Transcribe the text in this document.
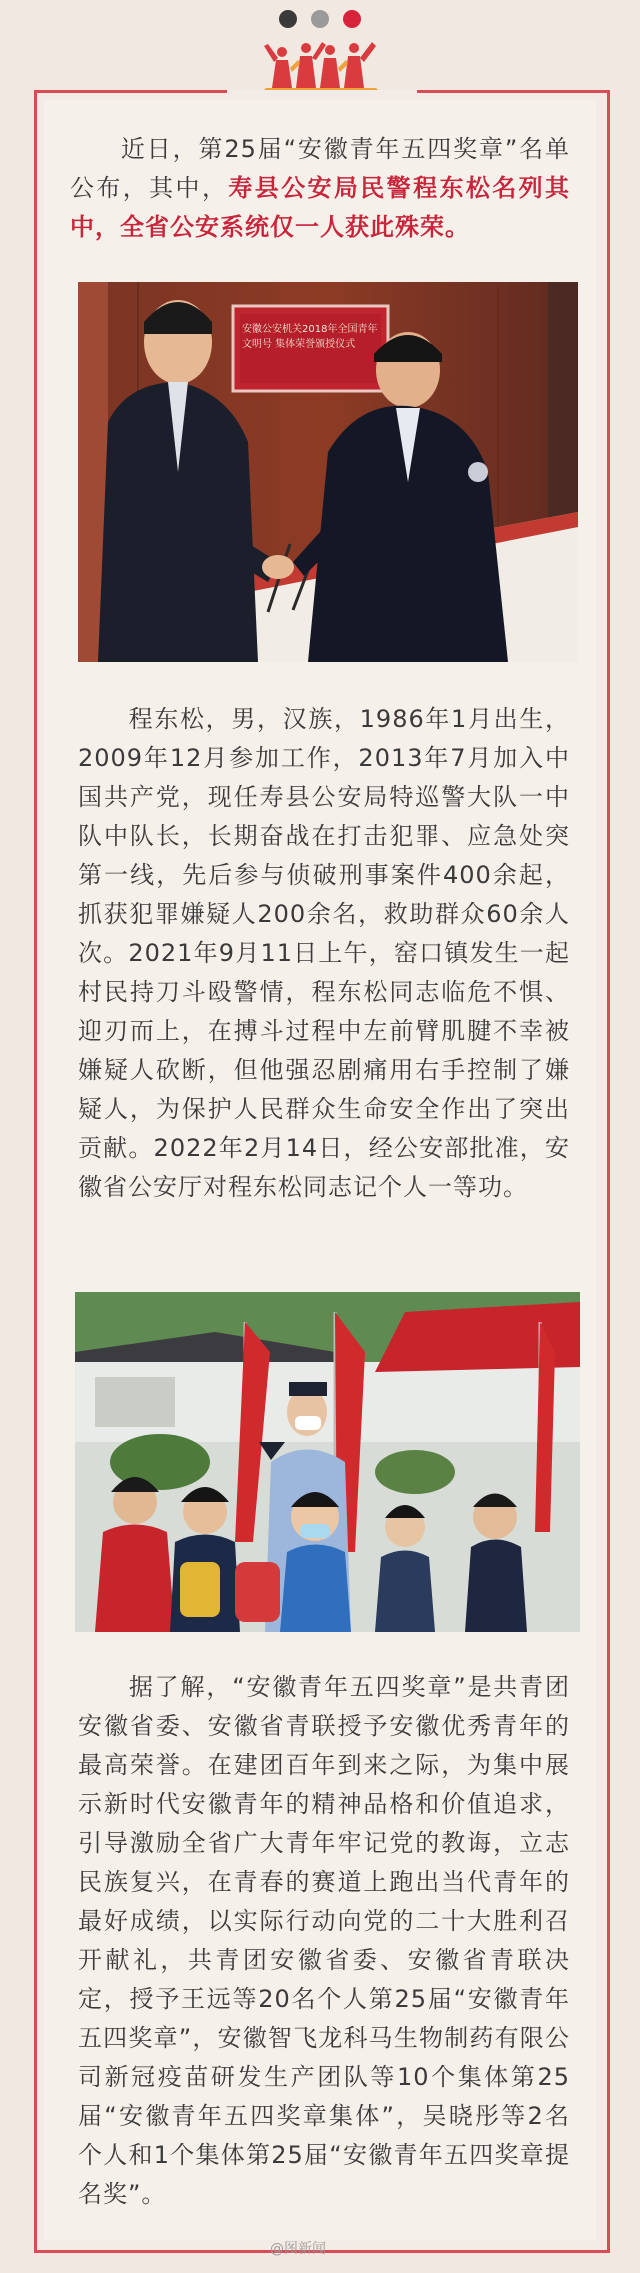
  近日，第25届“安徽青年五四奖章”名单公布，其中，寿县公安局民警程东松名列其中，全省公安系统仅一人获此殊荣。

安徽公安机关2018年全国青年文明号 集体荣誉颁授仪式

  程东松，男，汉族，1986年1月出生，2009年12月参加工作，2013年7月加入中国共产党，现任寿县公安局特巡警大队一中队中队长，长期奋战在打击犯罪、应急处突第一线，先后参与侦破刑事案件400余起，抓获犯罪嫌疑人200余名，救助群众60余人次。2021年9月11日上午，窑口镇发生一起村民持刀斗殴警情，程东松同志临危不惧、迎刃而上，在搏斗过程中左前臂肌腱不幸被嫌疑人砍断，但他强忍剧痛用右手控制了嫌疑人，为保护人民群众生命安全作出了突出贡献。2022年2月14日，经公安部批准，安徽省公安厅对程东松同志记个人一等功。

  据了解，“安徽青年五四奖章”是共青团安徽省委、安徽省青联授予安徽优秀青年的最高荣誉。在建团百年到来之际，为集中展示新时代安徽青年的精神品格和价值追求，引导激励全省广大青年牢记党的教诲，立志民族复兴，在青春的赛道上跑出当代青年的最好成绩，以实际行动向党的二十大胜利召开献礼，共青团安徽省委、安徽省青联决定，授予王远等20名个人第25届“安徽青年五四奖章”，安徽智飞龙科马生物制药有限公司新冠疫苗研发生产团队等10个集体第25届“安徽青年五四奖章集体”，吴晓彤等2名个人和1个集体第25届“安徽青年五四奖章提名奖”。

@图新闻
